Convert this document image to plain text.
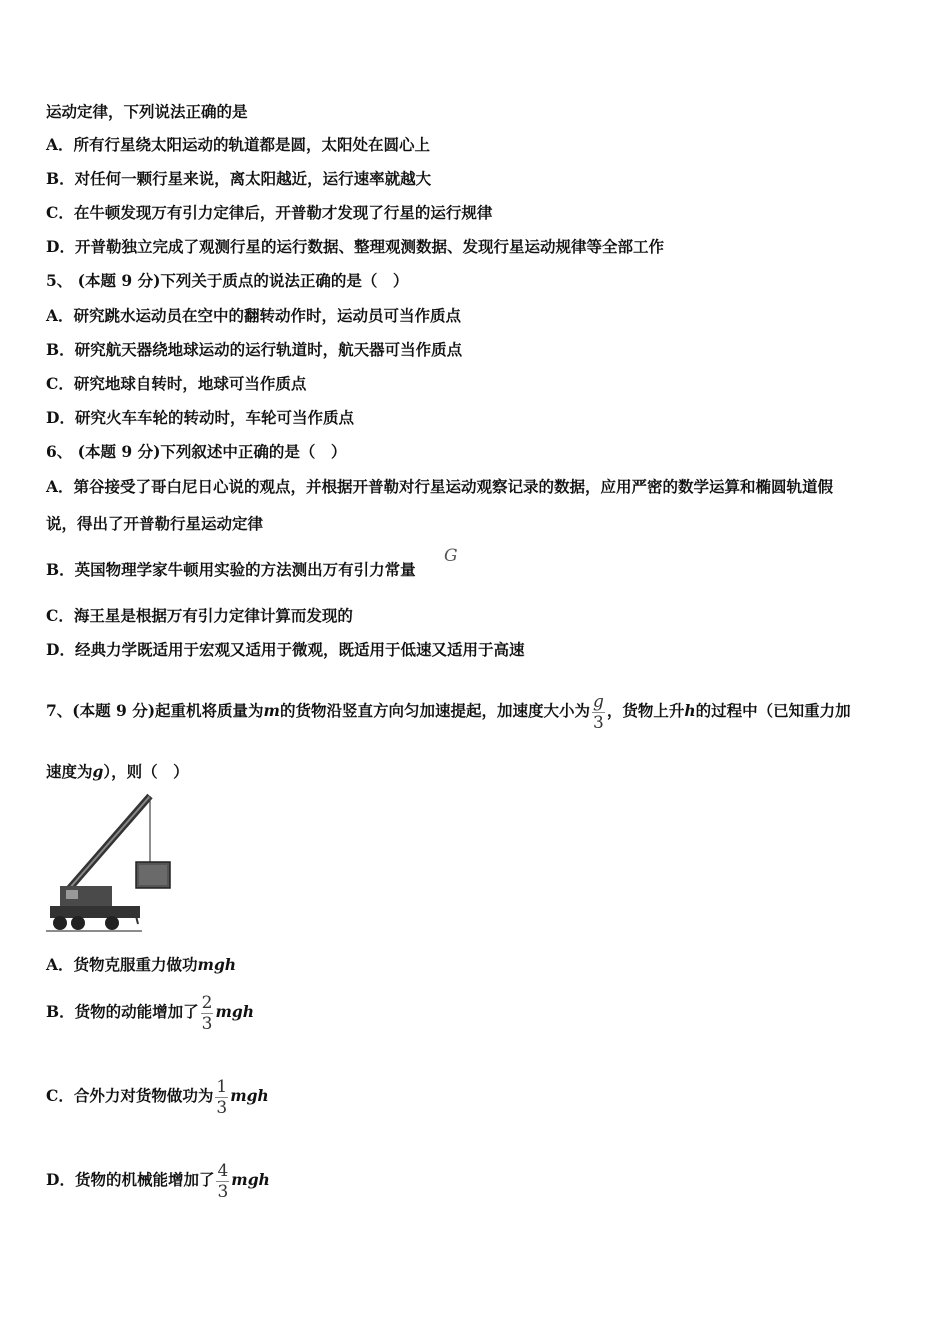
运动定律，下列说法正确的是
A．所有行星绕太阳运动的轨道都是圆，太阳处在圆心上
B．对任何一颗行星来说，离太阳越近，运行速率就越大
C．在牛顿发现万有引力定律后，开普勒才发现了行星的运行规律
D．开普勒独立完成了观测行星的运行数据、整理观测数据、发现行星运动规律等全部工作
5、 (本题 9 分)下列关于质点的说法正确的是（　）
A．研究跳水运动员在空中的翻转动作时，运动员可当作质点
B．研究航天器绕地球运动的运行轨道时，航天器可当作质点
C．研究地球自转时，地球可当作质点
D．研究火车车轮的转动时，车轮可当作质点
6、 (本题 9 分)下列叙述中正确的是（　）
A．第谷接受了哥白尼日心说的观点，并根据开普勒对行星运动观察记录的数据，应用严密的数学运算和椭圆轨道假
说，得出了开普勒行星运动定律
B．英国物理学家牛顿用实验的方法测出万有引力常量
G
C．海王星是根据万有引力定律计算而发现的
D．经典力学既适用于宏观又适用于微观，既适用于低速又适用于高速
7、(本题 9 分)起重机将质量为m的货物沿竖直方向匀加速提起，加速度大小为 $\frac{g}{3}$ ，货物上升h的过程中（已知重力加
速度为g），则（　）
A．货物克服重力做功mgh
B．货物的动能增加了 $\frac{2}{3}$ mgh
C．合外力对货物做功为 $\frac{1}{3}$ mgh
D．货物的机械能增加了 $\frac{4}{3}$ mgh
